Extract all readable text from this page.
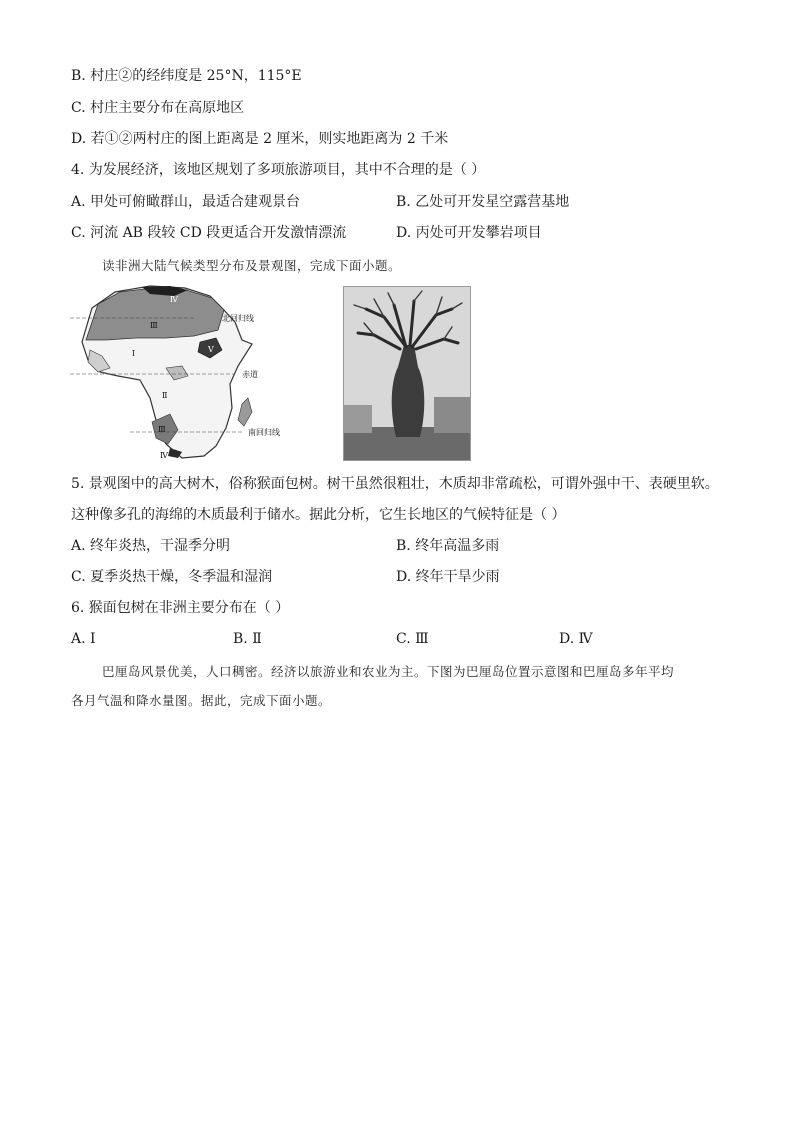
B. 村庄②的经纬度是 25°N，115°E
C. 村庄主要分布在高原地区
D. 若①②两村庄的图上距离是 2 厘米，则实地距离为 2 千米
4. 为发展经济，该地区规划了多项旅游项目，其中不合理的是（ ）
A. 甲处可俯瞰群山，最适合建观景台	B. 乙处可开发星空露营基地
C. 河流 AB 段较 CD 段更适合开发激情漂流	D. 丙处可开发攀岩项目
读非洲大陆气候类型分布及景观图，完成下面小题。
北回归线
赤道
南回归线
Ⅳ
Ⅲ
Ⅴ
Ⅰ
Ⅱ
Ⅲ
Ⅳ
5. 景观图中的高大树木，俗称猴面包树。树干虽然很粗壮，木质却非常疏松，可谓外强中干、表硬里软。
这种像多孔的海绵的木质最利于储水。据此分析，它生长地区的气候特征是（ ）
A. 终年炎热，干湿季分明	B. 终年高温多雨
C. 夏季炎热干燥，冬季温和湿润	D. 终年干旱少雨
6. 猴面包树在非洲主要分布在（ ）
A. Ⅰ	B. Ⅱ	C. Ⅲ	D. Ⅳ
巴厘岛风景优美，人口稠密。经济以旅游业和农业为主。下图为巴厘岛位置示意图和巴厘岛多年平均
各月气温和降水量图。据此，完成下面小题。
